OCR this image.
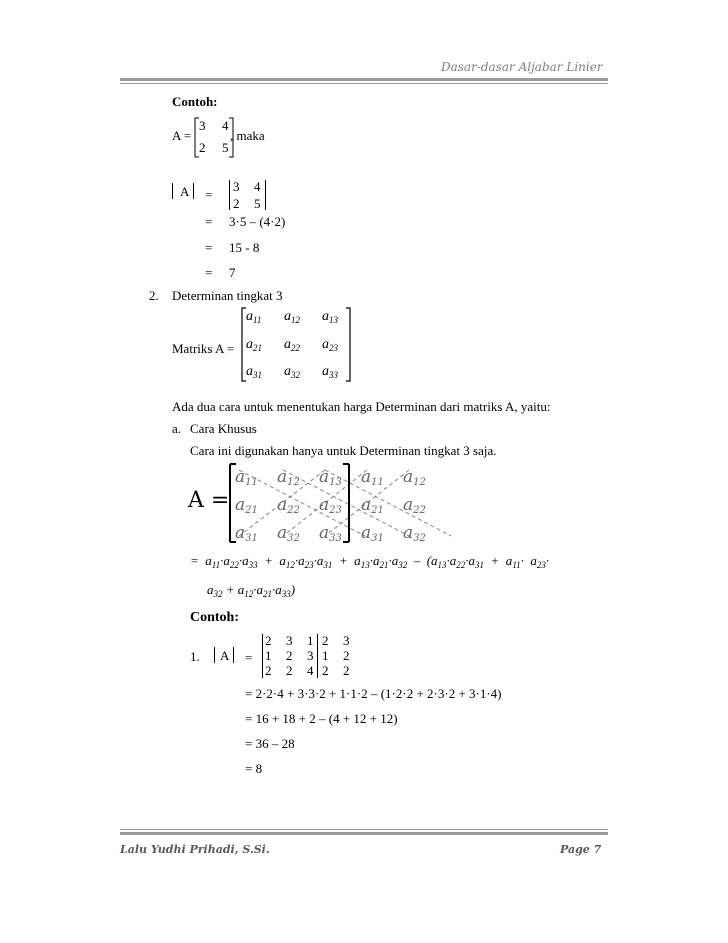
Dasar-dasar Aljabar Linier
Contoh:
A =
3 4
2 5
, maka
A =
3 4
2 5
= 3·5 – (4·2)
= 15 - 8
= 7
2. Determinan tingkat 3
Matriks A =
$a_{11}$ $a_{12}$ $a_{13}$
$a_{21}$ $a_{22}$ $a_{23}$
$a_{31}$ $a_{32}$ $a_{33}$
Ada dua cara untuk menentukan harga Determinan dari matriks A, yaitu:
a. Cara Khusus
Cara ini digunakan hanya untuk Determinan tingkat 3 saja.
A =
a11 a12 a13 a11 a12
a21 a22 a23 a21 a22
a31 a32 a33 a31 a32
=  $a_{11}\cdot a_{22}\cdot a_{33} + a_{12}\cdot a_{23}\cdot a_{31} + a_{13}\cdot a_{21}\cdot a_{32} - (a_{13}\cdot a_{22}\cdot a_{31} + a_{11}\cdot a_{23}\cdot$
$a_{32} + a_{12}\cdot a_{21}\cdot a_{33}$)
Contoh:
1. A =
2 3 1 2 3
1 2 3 1 2
2 2 4 2 2
= 2·2·4 + 3·3·2 + 1·1·2 – (1·2·2 + 2·3·2 + 3·1·4)
= 16 + 18 + 2 – (4 + 12 + 12)
= 36 – 28
= 8
Lalu Yudhi Prihadi, S.Si.	Page 7
